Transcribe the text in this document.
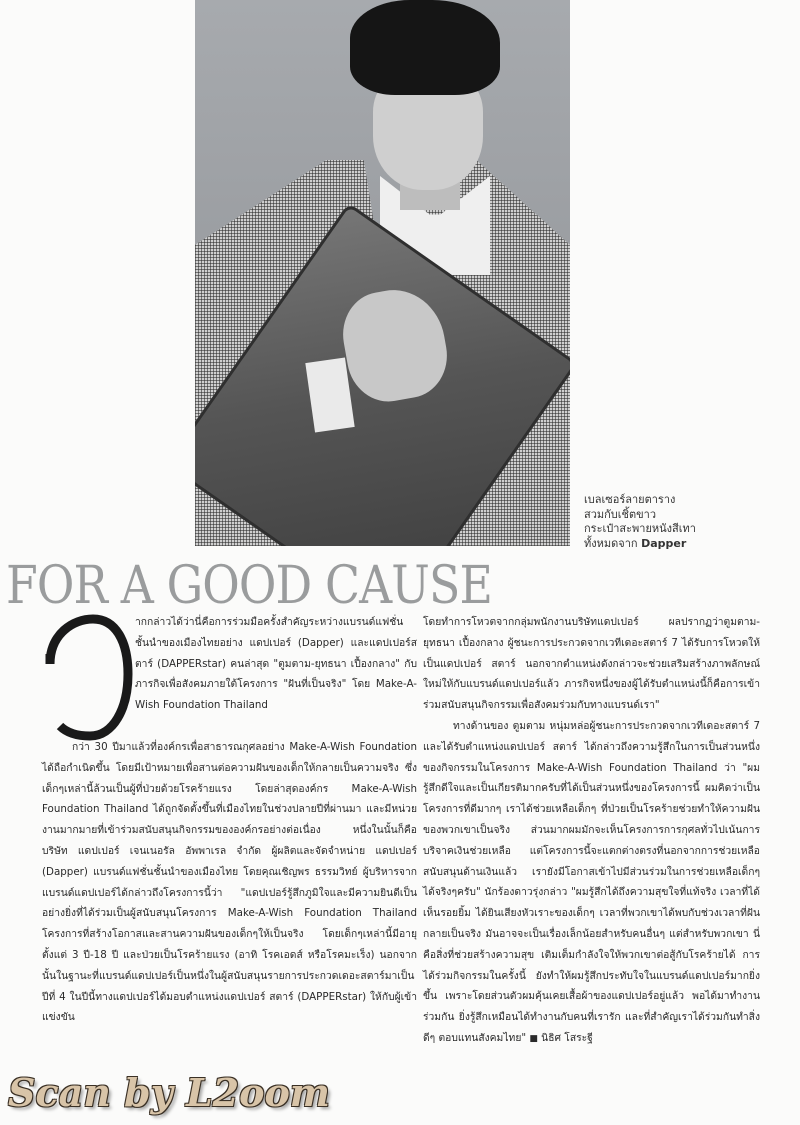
เบลเซอร์ลายตาราง
สวมกับเชิ้ตขาว
กระเป๋าสะพายหนังสีเทา
ทั้งหมดจาก Dapper
FOR A GOOD CAUSE

ากกล่าวได้ว่านี่คือการร่วมมือครั้งสำคัญระหว่างแบรนด์แฟชั่นชั้นนำของเมืองไทยอย่าง แดปเปอร์ (Dapper) และแดปเปอร์สตาร์ (DAPPERstar) คนล่าสุด "ตูมตาม-ยุทธนา เปื้องกลาง" กับภารกิจเพื่อสังคมภายใต้โครงการ "ฝันที่เป็นจริง" โดย Make-A-Wish Foundation Thailand

กว่า 30 ปีมาแล้วที่องค์กรเพื่อสาธารณกุศลอย่าง Make-A-Wish Foundation ได้ถือกำเนิดขึ้น โดยมีเป้าหมายเพื่อสานต่อความฝันของเด็กให้กลายเป็นความจริง ซึ่งเด็กๆเหล่านี้ล้วนเป็นผู้ที่ป่วยด้วยโรคร้ายแรง โดยล่าสุดองค์กร Make-A-Wish Foundation Thailand ได้ถูกจัดตั้งขึ้นที่เมืองไทยในช่วงปลายปีที่ผ่านมา และมีหน่วยงานมากมายที่เข้าร่วมสนับสนุนกิจกรรมขององค์กรอย่างต่อเนื่อง หนึ่งในนั้นก็คือ บริษัท แดปเปอร์ เจนเนอรัล อัพพาเรล จำกัด ผู้ผลิตและจัดจำหน่าย แดปเปอร์ (Dapper) แบรนด์แฟชั่นชั้นนำของเมืองไทย โดยคุณเชิญพร ธรรมวิทย์ ผู้บริหารจากแบรนด์แดปเปอร์ได้กล่าวถึงโครงการนี้ว่า "แดปเปอร์รู้สึกภูมิใจและมีความยินดีเป็นอย่างยิ่งที่ได้ร่วมเป็นผู้สนับสนุนโครงการ Make-A-Wish Foundation Thailand โครงการที่สร้างโอกาสและสานความฝันของเด็กๆให้เป็นจริง โดยเด็กๆเหล่านี้มีอายุตั้งแต่ 3 ปี-18 ปี และป่วยเป็นโรคร้ายแรง (อาทิ โรคเอดส์ หรือโรคมะเร็ง) นอกจากนั้นในฐานะที่แบรนด์แดปเปอร์เป็นหนึ่งในผู้สนับสนุนรายการประกวดเดอะสตาร์มาเป็นปีที่ 4 ในปีนี้ทางแดปเปอร์ได้มอบตำแหน่งแดปเปอร์ สตาร์ (DAPPERstar) ให้กับผู้เข้าแข่งขัน

โดยทำการโหวตจากกลุ่มพนักงานบริษัทแดปเปอร์ ผลปรากฏว่าตูมตาม-ยุทธนา เปื้องกลาง ผู้ชนะการประกวดจากเวทีเดอะสตาร์ 7 ได้รับการโหวตให้เป็นแดปเปอร์ สตาร์ นอกจากตำแหน่งดังกล่าวจะช่วยเสริมสร้างภาพลักษณ์ใหม่ให้กับแบรนด์แดปเปอร์แล้ว ภารกิจหนึ่งของผู้ได้รับตำแหน่งนี้ก็คือการเข้าร่วมสนับสนุนกิจกรรมเพื่อสังคมร่วมกับทางแบรนด์เรา"

ทางด้านของ ตูมตาม หนุ่มหล่อผู้ชนะการประกวดจากเวทีเดอะสตาร์ 7 และได้รับตำแหน่งแดปเปอร์ สตาร์ ได้กล่าวถึงความรู้สึกในการเป็นส่วนหนึ่งของกิจกรรมในโครงการ Make-A-Wish Foundation Thailand ว่า "ผมรู้สึกดีใจและเป็นเกียรติมากครับที่ได้เป็นส่วนหนึ่งของโครงการนี้ ผมคิดว่าเป็นโครงการที่ดีมากๆ เราได้ช่วยเหลือเด็กๆ ที่ป่วยเป็นโรคร้ายช่วยทำให้ความฝันของพวกเขาเป็นจริง ส่วนมากผมมักจะเห็นโครงการการกุศลทั่วไปเน้นการบริจาคเงินช่วยเหลือ แต่โครงการนี้จะแตกต่างตรงที่นอกจากการช่วยเหลือสนับสนุนด้านเงินแล้ว เรายังมีโอกาสเข้าไปมีส่วนร่วมในการช่วยเหลือเด็กๆ ได้จริงๆครับ" นักร้องดาวรุ่งกล่าว "ผมรู้สึกได้ถึงความสุขใจที่แท้จริง เวลาที่ได้เห็นรอยยิ้ม ได้ยินเสียงหัวเราะของเด็กๆ เวลาที่พวกเขาได้พบกับช่วงเวลาที่ฝันกลายเป็นจริง มันอาจจะเป็นเรื่องเล็กน้อยสำหรับคนอื่นๆ แต่สำหรับพวกเขา นี่คือสิ่งที่ช่วยสร้างความสุข เติมเต็มกำลังใจให้พวกเขาต่อสู้กับโรคร้ายได้ การได้ร่วมกิจกรรมในครั้งนี้ ยังทำให้ผมรู้สึกประทับใจในแบรนด์แดปเปอร์มากยิ่งขึ้น เพราะโดยส่วนตัวผมคุ้นเคยเสื้อผ้าของแดปเปอร์อยู่แล้ว พอได้มาทำงานร่วมกัน ยิ่งรู้สึกเหมือนได้ทำงานกับคนที่เรารัก และที่สำคัญเราได้ร่วมกันทำสิ่งดีๆ ตอบแทนสังคมไทย" ■ นิธิศ โสระฐี

Scan by L2oom
